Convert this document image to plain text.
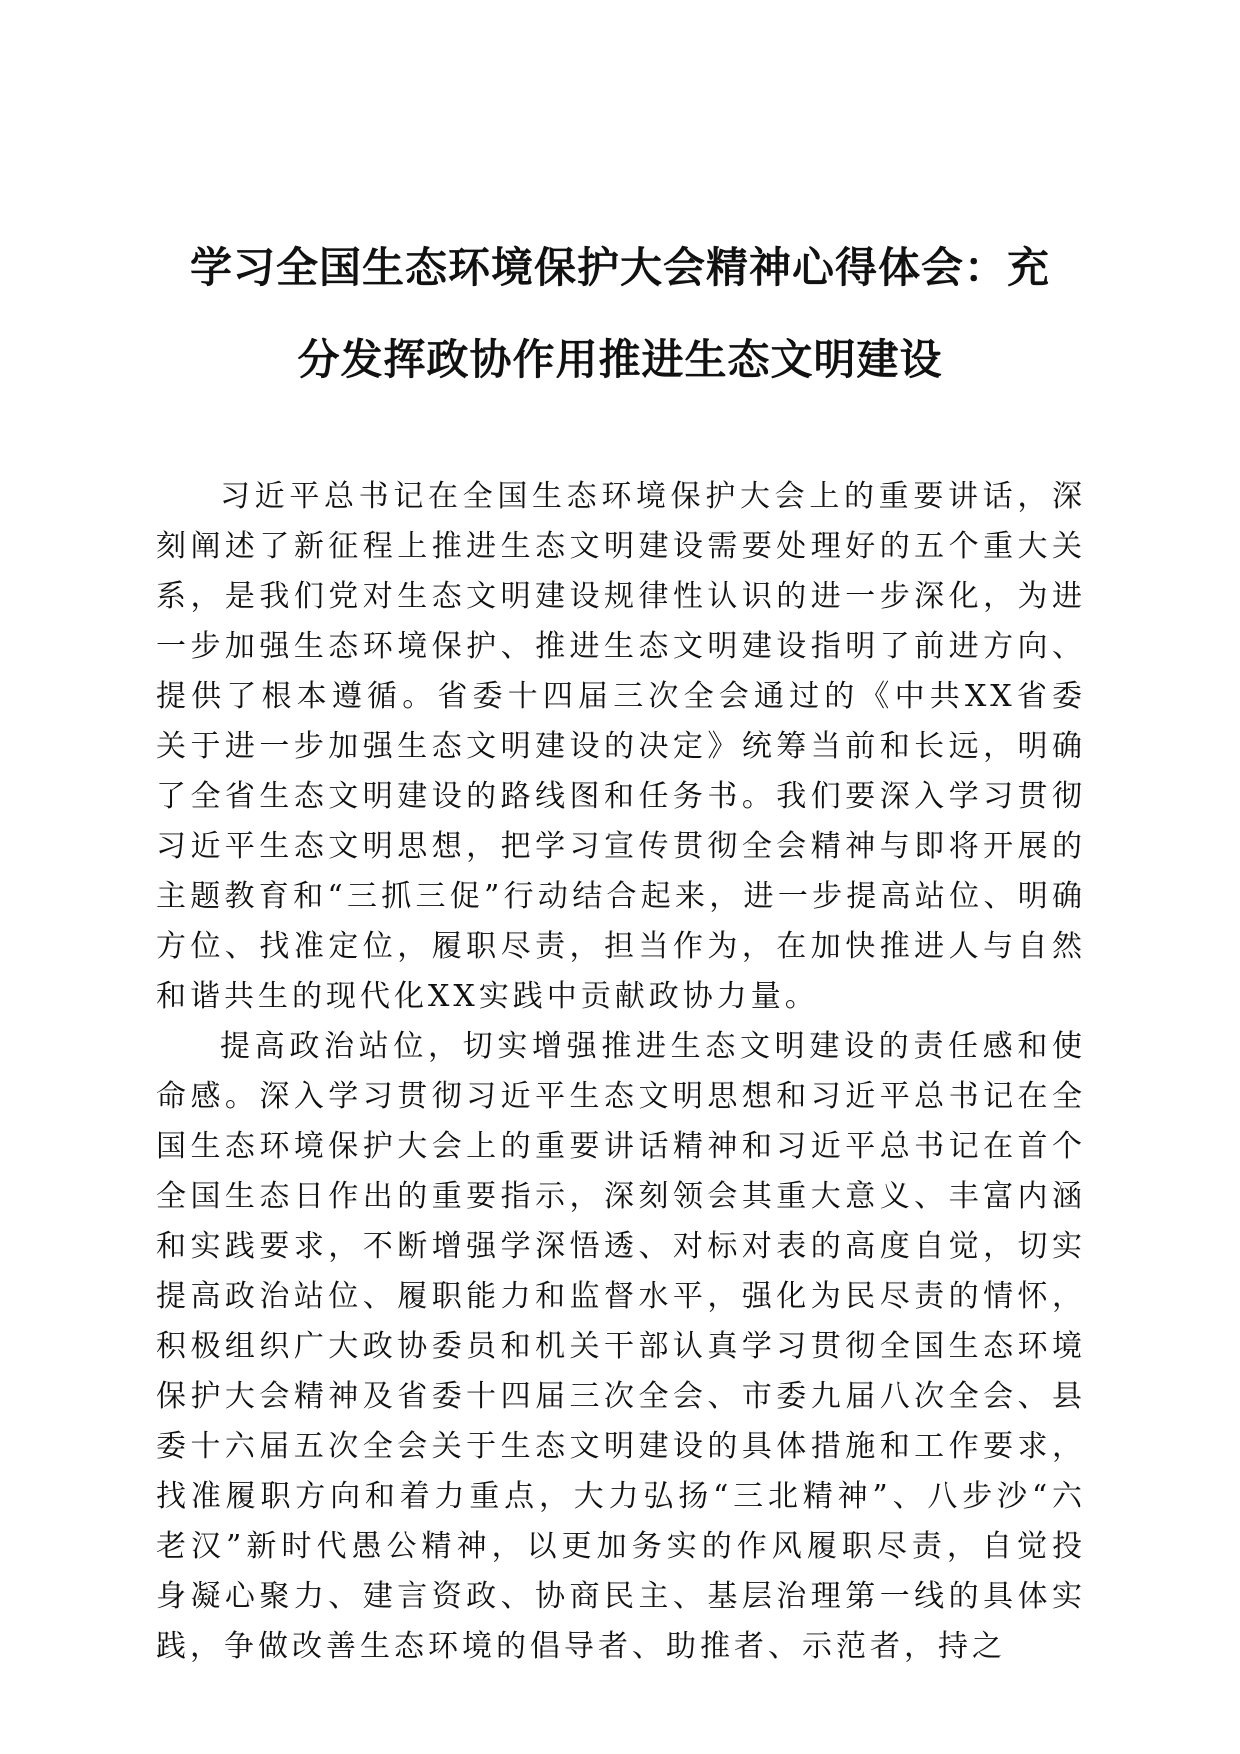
学习全国生态环境保护大会精神心得体会：充

分发挥政协作用推进生态文明建设

习近平总书记在全国生态环境保护大会上的重要讲话，深刻阐述了新征程上推进生态文明建设需要处理好的五个重大关系，是我们党对生态文明建设规律性认识的进一步深化，为进一步加强生态环境保护、推进生态文明建设指明了前进方向、提供了根本遵循。省委十四届三次全会通过的《中共XX省委关于进一步加强生态文明建设的决定》统筹当前和长远，明确了全省生态文明建设的路线图和任务书。我们要深入学习贯彻习近平生态文明思想，把学习宣传贯彻全会精神与即将开展的主题教育和“三抓三促”行动结合起来，进一步提高站位、明确方位、找准定位，履职尽责，担当作为，在加快推进人与自然和谐共生的现代化XX实践中贡献政协力量。

提高政治站位，切实增强推进生态文明建设的责任感和使命感。深入学习贯彻习近平生态文明思想和习近平总书记在全国生态环境保护大会上的重要讲话精神和习近平总书记在首个全国生态日作出的重要指示，深刻领会其重大意义、丰富内涵和实践要求，不断增强学深悟透、对标对表的高度自觉，切实提高政治站位、履职能力和监督水平，强化为民尽责的情怀，积极组织广大政协委员和机关干部认真学习贯彻全国生态环境保护大会精神及省委十四届三次全会、市委九届八次全会、县委十六届五次全会关于生态文明建设的具体措施和工作要求，找准履职方向和着力重点，大力弘扬“三北精神”、八步沙“六老汉”新时代愚公精神，以更加务实的作风履职尽责，自觉投身凝心聚力、建言资政、协商民主、基层治理第一线的具体实践，争做改善生态环境的倡导者、助推者、示范者，持之
